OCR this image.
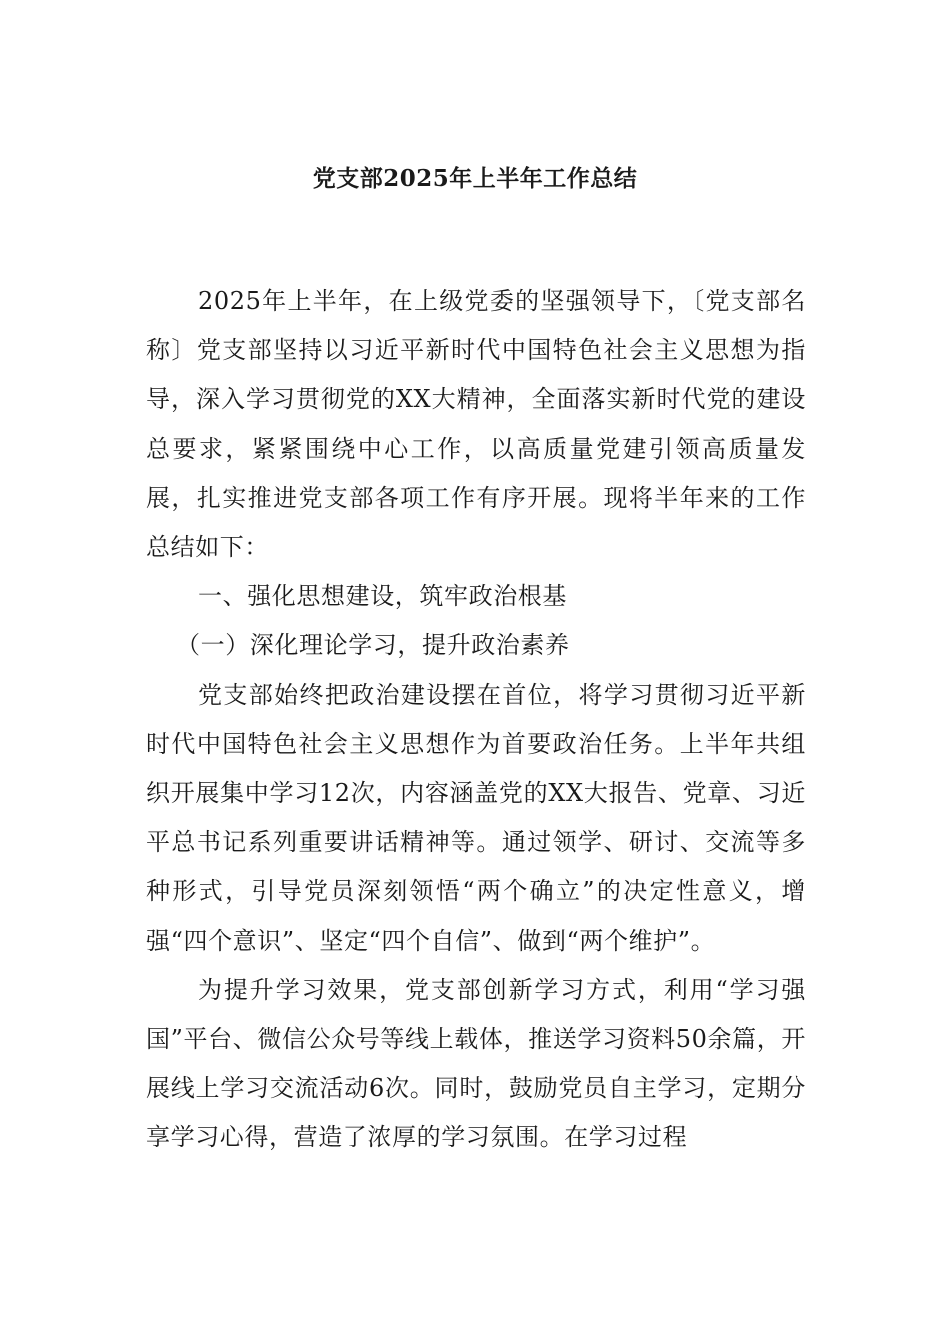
党支部2025年上半年工作总结

2025年上半年，在上级党委的坚强领导下，〔党支部名称〕党支部坚持以习近平新时代中国特色社会主义思想为指导，深入学习贯彻党的XX大精神，全面落实新时代党的建设总要求，紧紧围绕中心工作，以高质量党建引领高质量发展，扎实推进党支部各项工作有序开展。现将半年来的工作总结如下：

一、强化思想建设，筑牢政治根基

（一）深化理论学习，提升政治素养

党支部始终把政治建设摆在首位，将学习贯彻习近平新时代中国特色社会主义思想作为首要政治任务。上半年共组织开展集中学习12次，内容涵盖党的XX大报告、党章、习近平总书记系列重要讲话精神等。通过领学、研讨、交流等多种形式，引导党员深刻领悟“两个确立”的决定性意义，增强“四个意识”、坚定“四个自信”、做到“两个维护”。

为提升学习效果，党支部创新学习方式，利用“学习强国”平台、微信公众号等线上载体，推送学习资料50余篇，开展线上学习交流活动6次。同时，鼓励党员自主学习，定期分享学习心得，营造了浓厚的学习氛围。在学习过程
